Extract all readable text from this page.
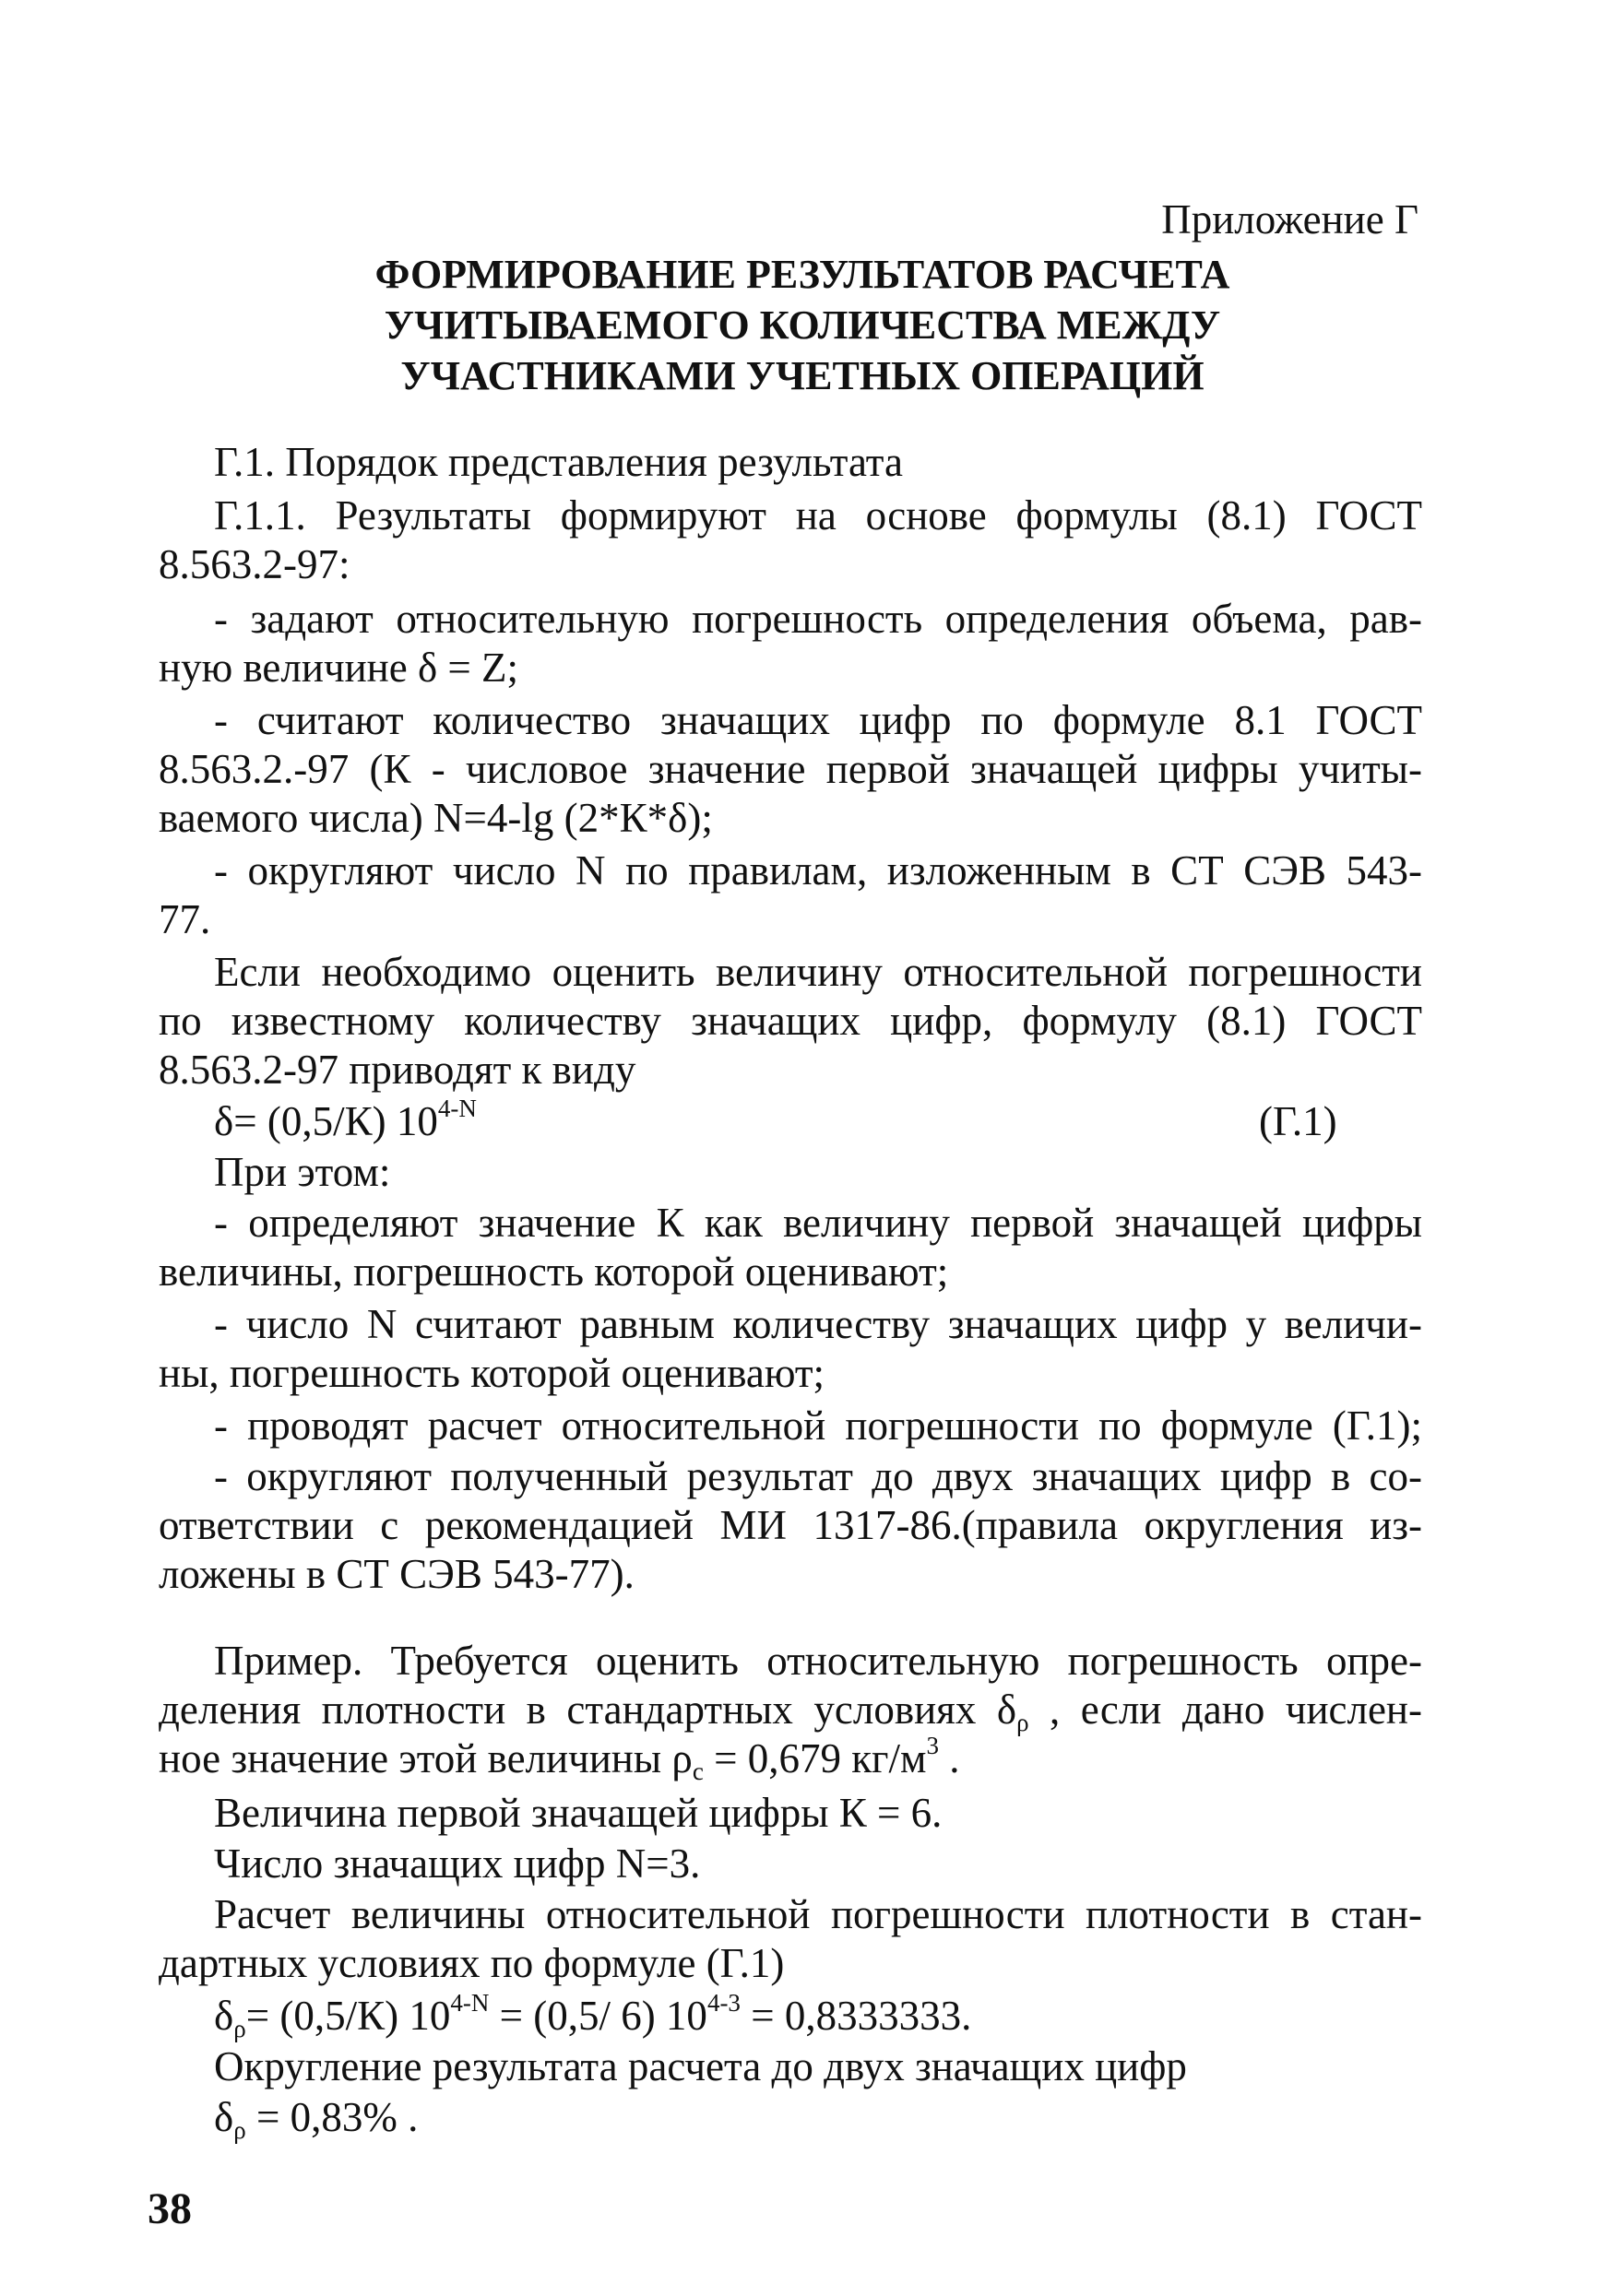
Приложение Г

ФОРМИРОВАНИЕ РЕЗУЛЬТАТОВ РАСЧЕТА
УЧИТЫВАЕМОГО КОЛИЧЕСТВА МЕЖДУ
УЧАСТНИКАМИ УЧЕТНЫХ ОПЕРАЦИЙ

Г.1. Порядок представления результата

Г.1.1. Результаты формируют на основе формулы (8.1) ГОСТ
8.563.2-97:
- задают относительную погрешность определения объема, рав-
ную величине δ = Z;
- считают количество значащих цифр по формуле 8.1 ГОСТ
8.563.2.-97 (К - числовое значение первой значащей цифры учиты-
ваемого числа) N=4-lg (2*К*δ);
- округляют число N по правилам, изложенным в СТ СЭВ 543-
77.
Если необходимо оценить величину относительной погрешности
по известному количеству значащих цифр, формулу (8.1) ГОСТ
8.563.2-97 приводят к виду
δ= (0,5/К) $10^{4-N}$	(Г.1)

При этом:

- определяют значение К как величину первой значащей цифры
величины, погрешность которой оценивают;
- число N считают равным количеству значащих цифр у величи-
ны, погрешность которой оценивают;
- проводят расчет относительной погрешности по формуле (Г.1);
- округляют полученный результат до двух значащих цифр в со-
ответствии с рекомендацией МИ 1317-86.(правила округления из-
ложены в СТ СЭВ 543-77).
Пример. Требуется оценить относительную погрешность опре-
деления плотности в стандартных условиях $\delta_\rho$ , если дано числен-
ное значение этой величины $\rho_с = 0,679$ $кг/м^3$ .

Величина первой значащей цифры К = 6.

Число значащих цифр N=3.

Расчет величины относительной погрешности плотности в стан-
дартных условиях по формуле (Г.1)
$\delta_\rho= (0,5/К) 10^{4-N} = (0,5/$ 6) $10^{4-3} = 0,8333333$.

Округление результата расчета до двух значащих цифр

$\delta_\rho = 0,83\%$ .

38
